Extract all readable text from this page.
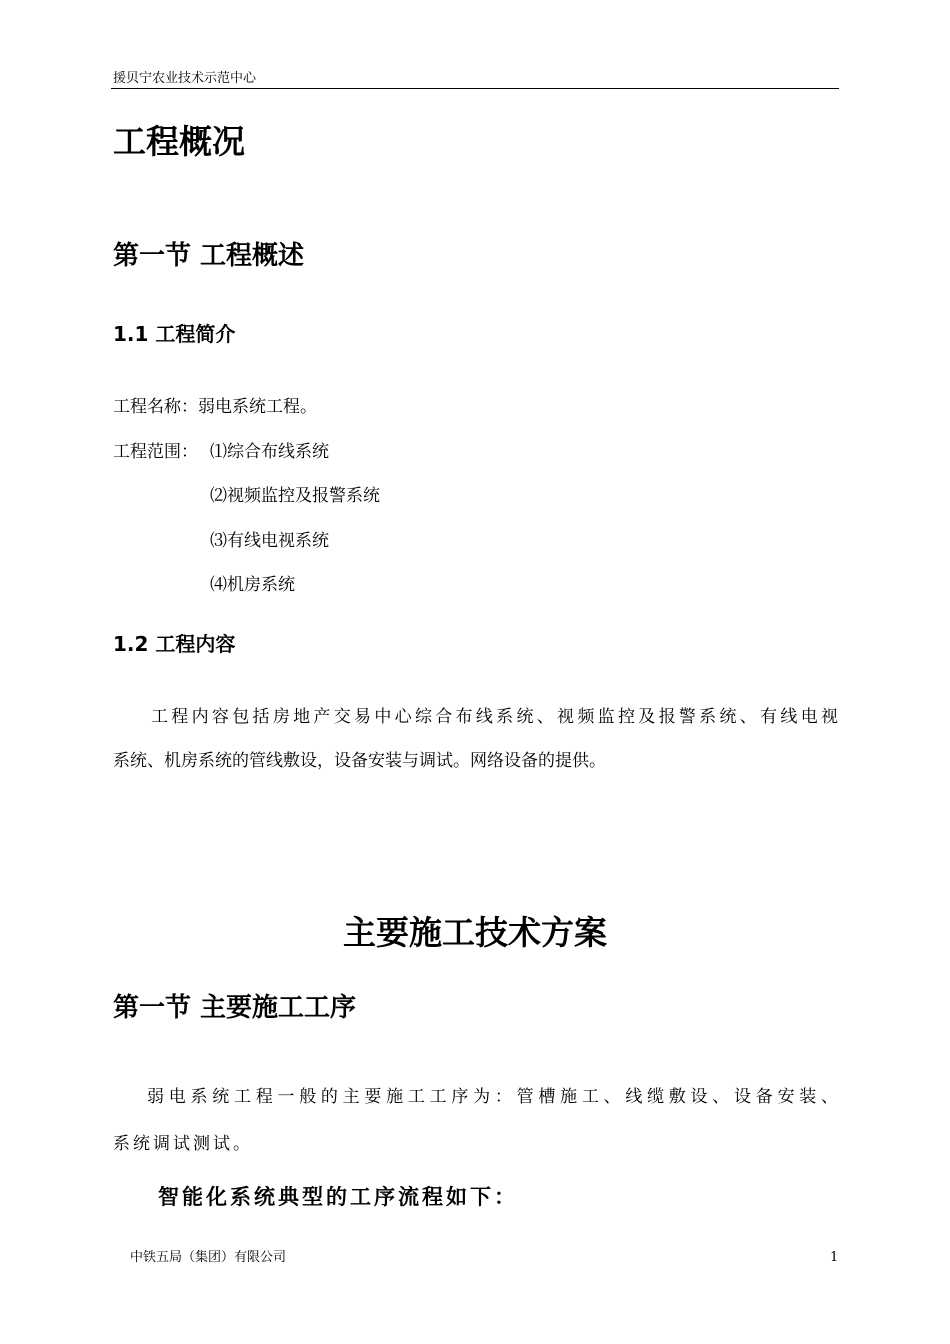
援贝宁农业技术示范中心
工程概况
第一节 工程概述
1.1 工程简介
工程名称：弱电系统工程。
工程范围： ⑴综合布线系统
⑵视频监控及报警系统
⑶有线电视系统
⑷机房系统
1.2 工程内容
工程内容包括房地产交易中心综合布线系统、视频监控及报警系统、有线电视
系统、机房系统的管线敷设，设备安装与调试。网络设备的提供。
主要施工技术方案
第一节 主要施工工序
弱电系统工程一般的主要施工工序为：管槽施工、线缆敷设、设备安装、
系统调试测试。
智能化系统典型的工序流程如下：
中铁五局（集团）有限公司	1
